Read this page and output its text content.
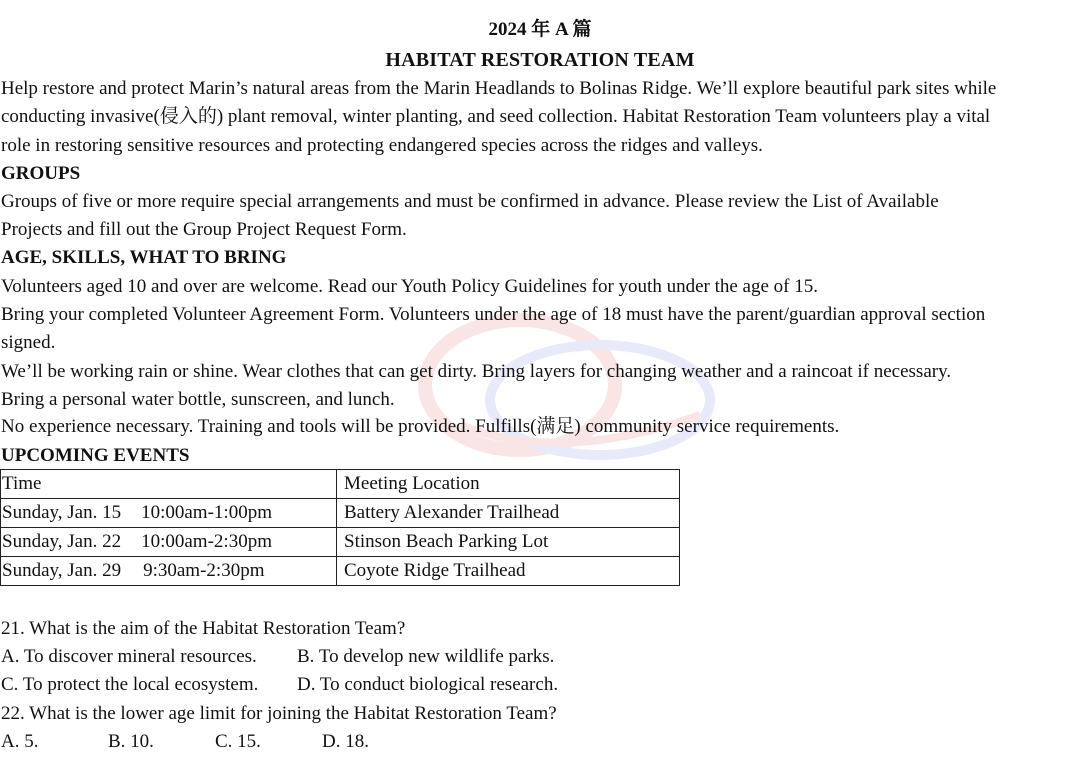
2024 年 A 篇
HABITAT RESTORATION TEAM
Help restore and protect Marin’s natural areas from the Marin Headlands to Bolinas Ridge. We’ll explore beautiful park sites while
conducting invasive(侵入的) plant removal, winter planting, and seed collection. Habitat Restoration Team volunteers play a vital
role in restoring sensitive resources and protecting endangered species across the ridges and valleys.
GROUPS
Groups of five or more require special arrangements and must be confirmed in advance. Please review the List of Available
Projects and fill out the Group Project Request Form.
AGE, SKILLS, WHAT TO BRING
Volunteers aged 10 and over are welcome. Read our Youth Policy Guidelines for youth under the age of 15.
Bring your completed Volunteer Agreement Form. Volunteers under the age of 18 must have the parent/guardian approval section
signed.
We’ll be working rain or shine. Wear clothes that can get dirty. Bring layers for changing weather and a raincoat if necessary.
Bring a personal water bottle, sunscreen, and lunch.
No experience necessary. Training and tools will be provided. Fulfills(满足) community service requirements.
UPCOMING EVENTS
Time	Meeting Location
Sunday, Jan. 15 10:00am-1:00pm	Battery Alexander Trailhead
Sunday, Jan. 22 10:00am-2:30pm	Stinson Beach Parking Lot
Sunday, Jan. 29 9:30am-2:30pm	Coyote Ridge Trailhead
21. What is the aim of the Habitat Restoration Team?
A. To discover mineral resources. B. To develop new wildlife parks.
C. To protect the local ecosystem. D. To conduct biological research.
22. What is the lower age limit for joining the Habitat Restoration Team?
A. 5.	B. 10.	C. 15.	D. 18.
